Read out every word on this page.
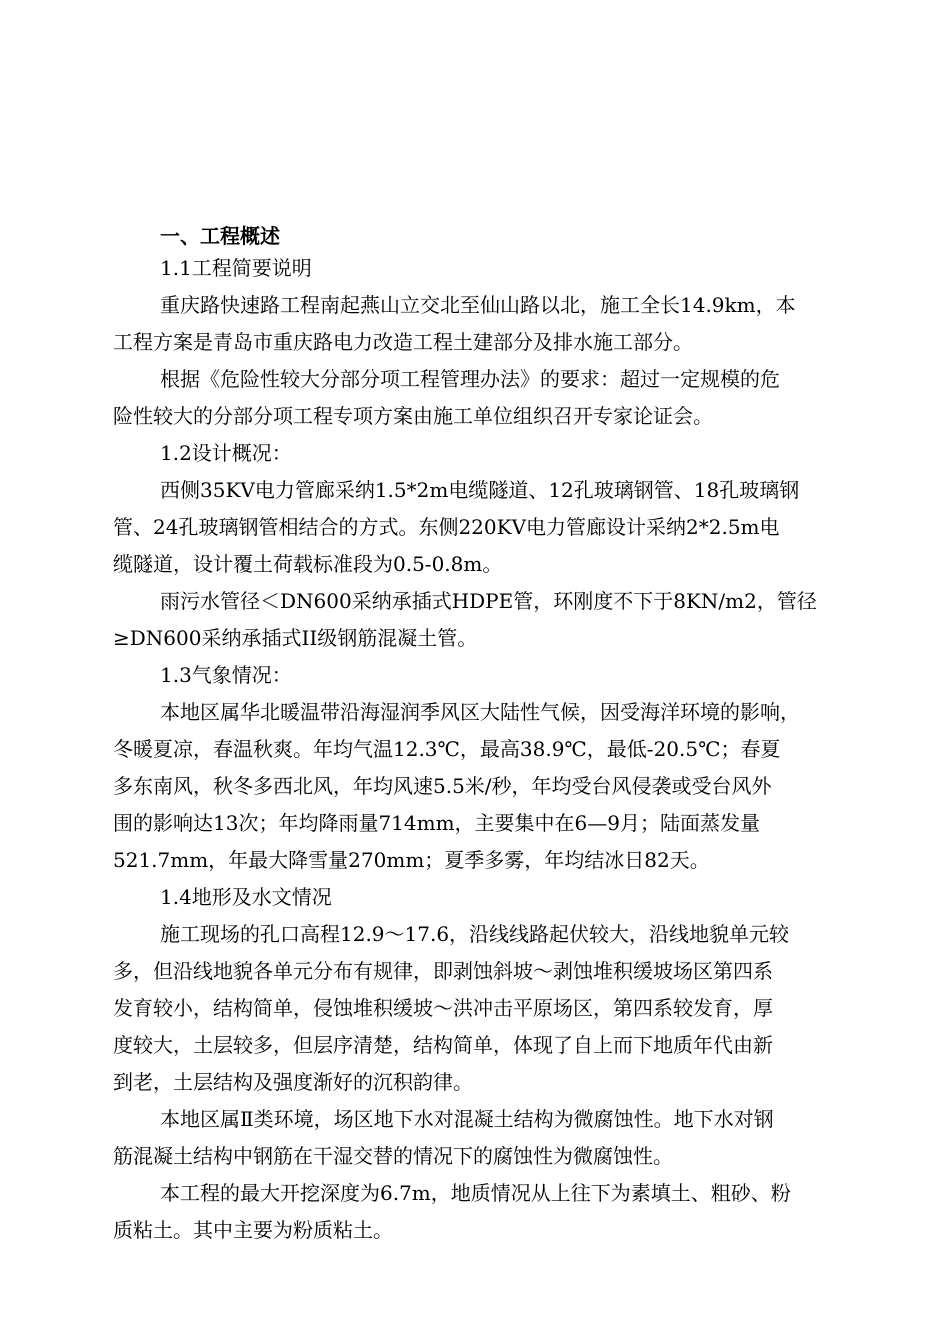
一、工程概述
1.1工程简要说明
重庆路快速路工程南起燕山立交北至仙山路以北，施工全长14.9km，本
工程方案是青岛市重庆路电力改造工程土建部分及排水施工部分。
根据《危险性较大分部分项工程管理办法》的要求：超过一定规模的危
险性较大的分部分项工程专项方案由施工单位组织召开专家论证会。
1.2设计概况：
西侧35KV电力管廊采纳1.5*2m电缆隧道、12孔玻璃钢管、18孔玻璃钢
管、24孔玻璃钢管相结合的方式。东侧220KV电力管廊设计采纳2*2.5m电
缆隧道，设计覆土荷载标准段为0.5-0.8m。
雨污水管径＜DN600采纳承插式HDPE管，环刚度不下于8KN/m2，管径
≥DN600采纳承插式II级钢筋混凝土管。
1.3气象情况：
本地区属华北暖温带沿海湿润季风区大陆性气候，因受海洋环境的影响，
冬暖夏凉，春温秋爽。年均气温12.3℃，最高38.9℃，最低-20.5℃；春夏
多东南风，秋冬多西北风，年均风速5.5米/秒，年均受台风侵袭或受台风外
围的影响达13次；年均降雨量714mm，主要集中在6—9月；陆面蒸发量
521.7mm，年最大降雪量270mm；夏季多雾，年均结冰日82天。
1.4地形及水文情况
施工现场的孔口高程12.9～17.6，沿线线路起伏较大，沿线地貌单元较
多，但沿线地貌各单元分布有规律，即剥蚀斜坡～剥蚀堆积缓坡场区第四系
发育较小，结构简单，侵蚀堆积缓坡～洪冲击平原场区，第四系较发育，厚
度较大，土层较多，但层序清楚，结构简单，体现了自上而下地质年代由新
到老，土层结构及强度渐好的沉积韵律。
本地区属Ⅱ类环境，场区地下水对混凝土结构为微腐蚀性。地下水对钢
筋混凝土结构中钢筋在干湿交替的情况下的腐蚀性为微腐蚀性。
本工程的最大开挖深度为6.7m，地质情况从上往下为素填土、粗砂、粉
质粘土。其中主要为粉质粘土。
